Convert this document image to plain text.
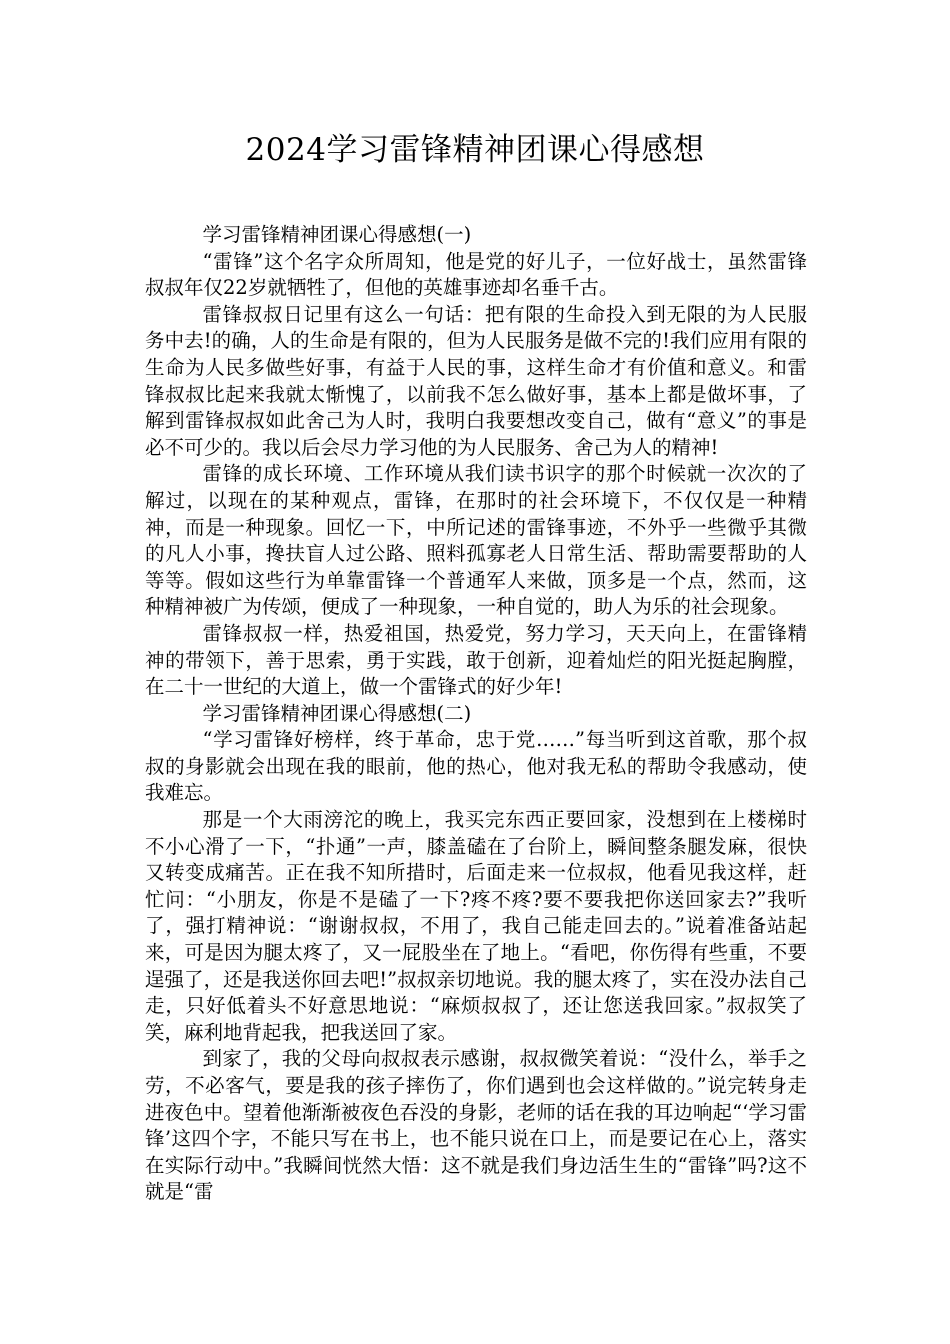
2024学习雷锋精神团课心得感想

学习雷锋精神团课心得感想(一)

“雷锋”这个名字众所周知，他是党的好儿子，一位好战士，虽然雷锋叔叔年仅22岁就牺牲了，但他的英雄事迹却名垂千古。

雷锋叔叔日记里有这么一句话：把有限的生命投入到无限的为人民服务中去!的确，人的生命是有限的，但为人民服务是做不完的!我们应用有限的生命为人民多做些好事，有益于人民的事，这样生命才有价值和意义。和雷锋叔叔比起来我就太惭愧了，以前我不怎么做好事，基本上都是做坏事，了解到雷锋叔叔如此舍己为人时，我明白我要想改变自己，做有“意义”的事是必不可少的。我以后会尽力学习他的为人民服务、舍己为人的精神!

雷锋的成长环境、工作环境从我们读书识字的那个时候就一次次的了解过，以现在的某种观点，雷锋，在那时的社会环境下，不仅仅是一种精神，而是一种现象。回忆一下，中所记述的雷锋事迹，不外乎一些微乎其微的凡人小事，搀扶盲人过公路、照料孤寡老人日常生活、帮助需要帮助的人等等。假如这些行为单靠雷锋一个普通军人来做，顶多是一个点，然而，这种精神被广为传颂，便成了一种现象，一种自觉的，助人为乐的社会现象。

雷锋叔叔一样，热爱祖国，热爱党，努力学习，天天向上，在雷锋精神的带领下，善于思索，勇于实践，敢于创新，迎着灿烂的阳光挺起胸膛，在二十一世纪的大道上，做一个雷锋式的好少年!

学习雷锋精神团课心得感想(二)

“学习雷锋好榜样，终于革命，忠于党……”每当听到这首歌，那个叔叔的身影就会出现在我的眼前，他的热心，他对我无私的帮助令我感动，使我难忘。

那是一个大雨滂沱的晚上，我买完东西正要回家，没想到在上楼梯时不小心滑了一下，“扑通”一声，膝盖磕在了台阶上，瞬间整条腿发麻，很快又转变成痛苦。正在我不知所措时，后面走来一位叔叔，他看见我这样，赶忙问：“小朋友，你是不是磕了一下?疼不疼?要不要我把你送回家去?”我听了，强打精神说：“谢谢叔叔，不用了，我自己能走回去的。”说着准备站起来，可是因为腿太疼了，又一屁股坐在了地上。“看吧，你伤得有些重，不要逞强了，还是我送你回去吧!”叔叔亲切地说。我的腿太疼了，实在没办法自己走，只好低着头不好意思地说：“麻烦叔叔了，还让您送我回家。”叔叔笑了笑，麻利地背起我，把我送回了家。

到家了，我的父母向叔叔表示感谢，叔叔微笑着说：“没什么，举手之劳，不必客气，要是我的孩子摔伤了，你们遇到也会这样做的。”说完转身走进夜色中。望着他渐渐被夜色吞没的身影，老师的话在我的耳边响起“‘学习雷锋’这四个字，不能只写在书上，也不能只说在口上，而是要记在心上，落实在实际行动中。”我瞬间恍然大悟：这不就是我们身边活生生的“雷锋”吗?这不就是“雷
